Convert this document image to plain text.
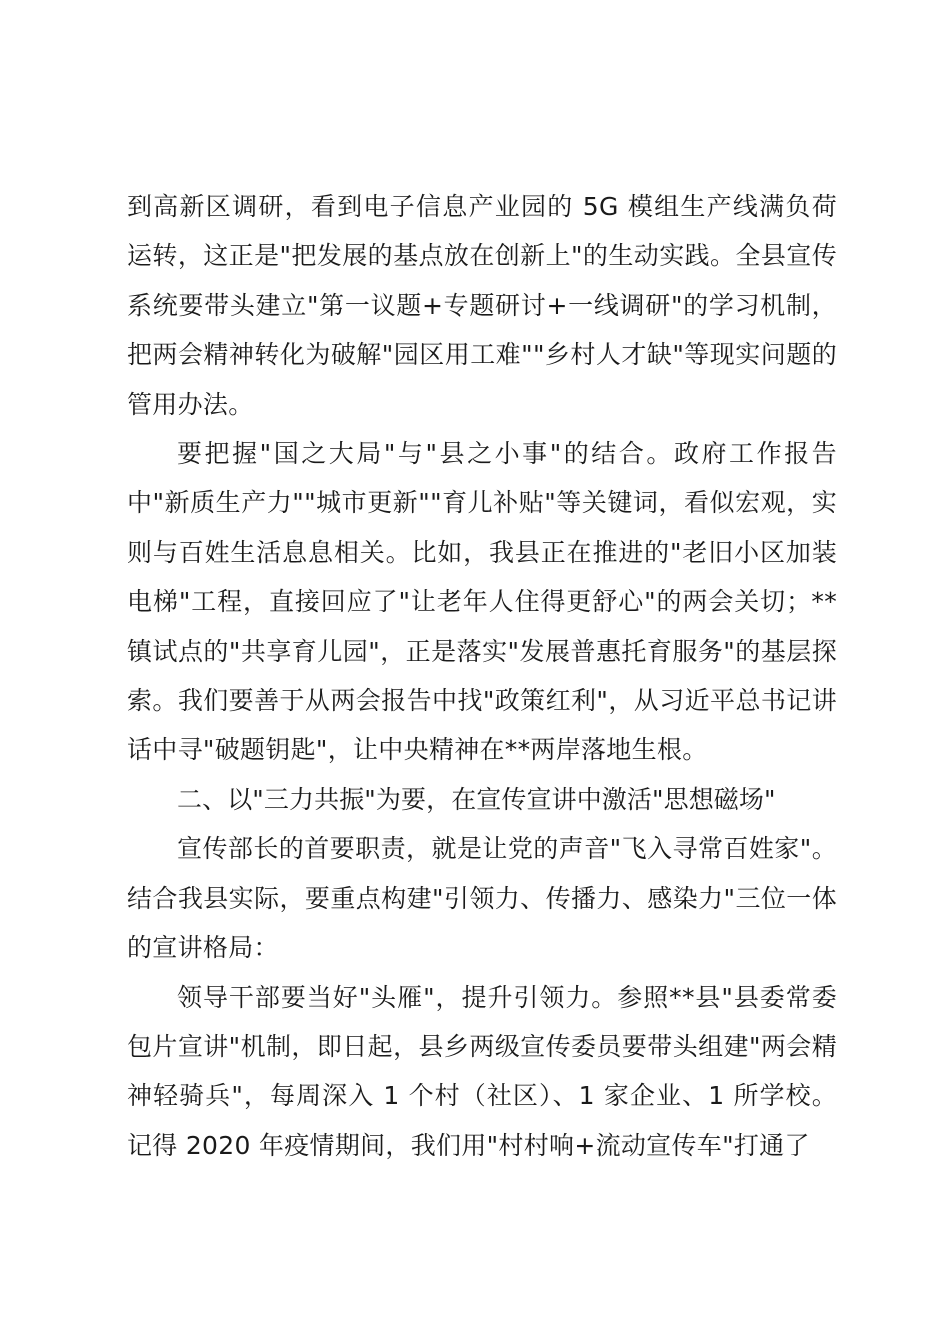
到高新区调研，看到电子信息产业园的 5G 模组生产线满负荷运转，这正是"把发展的基点放在创新上"的生动实践。全县宣传系统要带头建立"第一议题+专题研讨+一线调研"的学习机制，把两会精神转化为破解"园区用工难""乡村人才缺"等现实问题的管用办法。

要把握"国之大局"与"县之小事"的结合。政府工作报告中"新质生产力""城市更新""育儿补贴"等关键词，看似宏观，实则与百姓生活息息相关。比如，我县正在推进的"老旧小区加装电梯"工程，直接回应了"让老年人住得更舒心"的两会关切；**镇试点的"共享育儿园"，正是落实"发展普惠托育服务"的基层探索。我们要善于从两会报告中找"政策红利"，从习近平总书记讲话中寻"破题钥匙"，让中央精神在**两岸落地生根。

二、以"三力共振"为要，在宣传宣讲中激活"思想磁场"

宣传部长的首要职责，就是让党的声音"飞入寻常百姓家"。结合我县实际，要重点构建"引领力、传播力、感染力"三位一体的宣讲格局：

领导干部要当好"头雁"，提升引领力。参照**县"县委常委包片宣讲"机制，即日起，县乡两级宣传委员要带头组建"两会精神轻骑兵"，每周深入 1 个村（社区）、1 家企业、1 所学校。记得 2020 年疫情期间，我们用"村村响+流动宣传车"打通了
